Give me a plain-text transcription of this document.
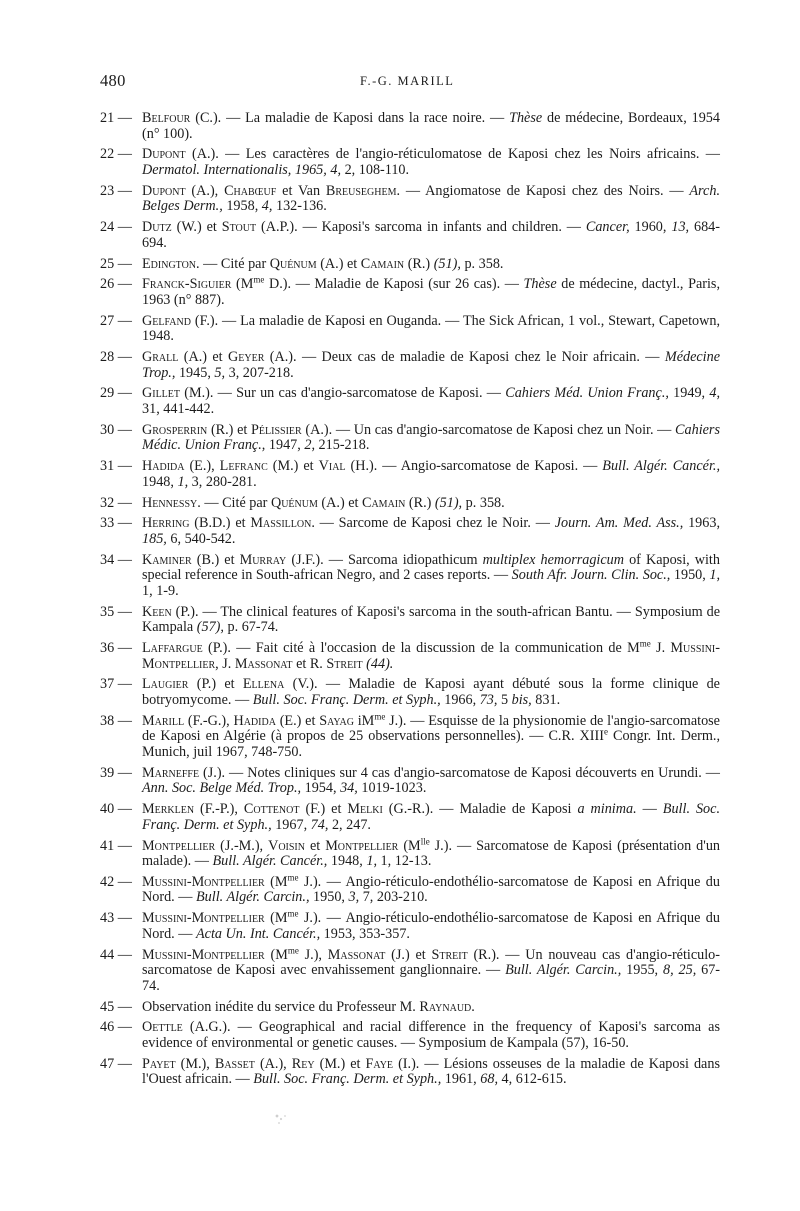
480	F.-G. MARILL
21 — Belfour (C.). — La maladie de Kaposi dans la race noire. — Thèse de médecine, Bordeaux, 1954 (n° 100).
22 — Dupont (A.). — Les caractères de l'angio-réticulomatose de Kaposi chez les Noirs africains. — Dermatol. Internationalis, 1965, 4, 2, 108-110.
23 — Dupont (A.), Chabœuf et Van Breuseghem. — Angiomatose de Kaposi chez des Noirs. — Arch. Belges Derm., 1958, 4, 132-136.
24 — Dutz (W.) et Stout (A.P.). — Kaposi's sarcoma in infants and children. — Cancer, 1960, 13, 684-694.
25 — Edington. — Cité par Quénum (A.) et Camain (R.) (51), p. 358.
26 — Franck-Siguier ($M^{me}$ D.). — Maladie de Kaposi (sur 26 cas). — Thèse de médecine, dactyl., Paris, 1963 (n° 887).
27 — Gelfand (F.). — La maladie de Kaposi en Ouganda. — The Sick African, 1 vol., Stewart, Capetown, 1948.
28 — Grall (A.) et Geyer (A.). — Deux cas de maladie de Kaposi chez le Noir africain. — Médecine Trop., 1945, 5, 3, 207-218.
29 — Gillet (M.). — Sur un cas d'angio-sarcomatose de Kaposi. — Cahiers Méd. Union Franç., 1949, 4, 31, 441-442.
30 — Grosperrin (R.) et Pélissier (A.). — Un cas d'angio-sarcomatose de Kaposi chez un Noir. — Cahiers Médic. Union Franç., 1947, 2, 215-218.
31 — Hadida (E.), Lefranc (M.) et Vial (H.). — Angio-sarcomatose de Kaposi. — Bull. Algér. Cancér., 1948, 1, 3, 280-281.
32 — Hennessy. — Cité par Quénum (A.) et Camain (R.) (51), p. 358.
33 — Herring (B.D.) et Massillon. — Sarcome de Kaposi chez le Noir. — Journ. Am. Med. Ass., 1963, 185, 6, 540-542.
34 — Kaminer (B.) et Murray (J.F.). — Sarcoma idiopathicum multiplex hemorragicum of Kaposi, with special reference in South-african Negro, and 2 cases reports. — South Afr. Journ. Clin. Soc., 1950, 1, 1, 1-9.
35 — Keen (P.). — The clinical features of Kaposi's sarcoma in the south-african Bantu. — Symposium de Kampala (57), p. 67-74.
36 — Laffargue (P.). — Fait cité à l'occasion de la discussion de la communication de $M^{me}$ J. Mussini-Montpellier, J. Massonat et R. Streit (44).
37 — Laugier (P.) et Ellena (V.). — Maladie de Kaposi ayant débuté sous la forme clinique de botryomycome. — Bull. Soc. Franç. Derm. et Syph., 1966, 73, 5 bis, 831.
38 — Marill (F.-G.), Hadida (E.) et Sayag $iM^{me}$ J.). — Esquisse de la physionomie de l'angio-sarcomatose de Kaposi en Algérie (à propos de 25 observations personnelles). — C.R. XIIIe Congr. Int. Derm., Munich, juil 1967, 748-750.
39 — Marneffe (J.). — Notes cliniques sur 4 cas d'angio-sarcomatose de Kaposi découverts en Urundi. — Ann. Soc. Belge Méd. Trop., 1954, 34, 1019-1023.
40 — Merklen (F.-P.), Cottenot (F.) et Melki (G.-R.). — Maladie de Kaposi a minima. — Bull. Soc. Franç. Derm. et Syph., 1967, 74, 2, 247.
41 — Montpellier (J.-M.), Voisin et Montpellier ($M^{lle}$ J.). — Sarcomatose de Kaposi (présentation d'un malade). — Bull. Algér. Cancér., 1948, 1, 1, 12-13.
42 — Mussini-Montpellier ($M^{me}$ J.). — Angio-réticulo-endothélio-sarcomatose de Kaposi en Afrique du Nord. — Bull. Algér. Carcin., 1950, 3, 7, 203-210.
43 — Mussini-Montpellier ($M^{me}$ J.). — Angio-réticulo-endothélio-sarcomatose de Kaposi en Afrique du Nord. — Acta Un. Int. Cancér., 1953, 353-357.
44 — Mussini-Montpellier ($M^{me}$ J.), Massonat (J.) et Streit (R.). — Un nouveau cas d'angio-réticulo-sarcomatose de Kaposi avec envahissement ganglionnaire. — Bull. Algér. Carcin., 1955, 8, 25, 67-74.
45 — Observation inédite du service du Professeur M. Raynaud.
46 — Oettle (A.G.). — Geographical and racial difference in the frequency of Kaposi's sarcoma as evidence of environmental or genetic causes. — Symposium de Kampala (57), 16-50.
47 — Payet (M.), Basset (A.), Rey (M.) et Faye (I.). — Lésions osseuses de la maladie de Kaposi dans l'Ouest africain. — Bull. Soc. Franç. Derm. et Syph., 1961, 68, 4, 612-615.
